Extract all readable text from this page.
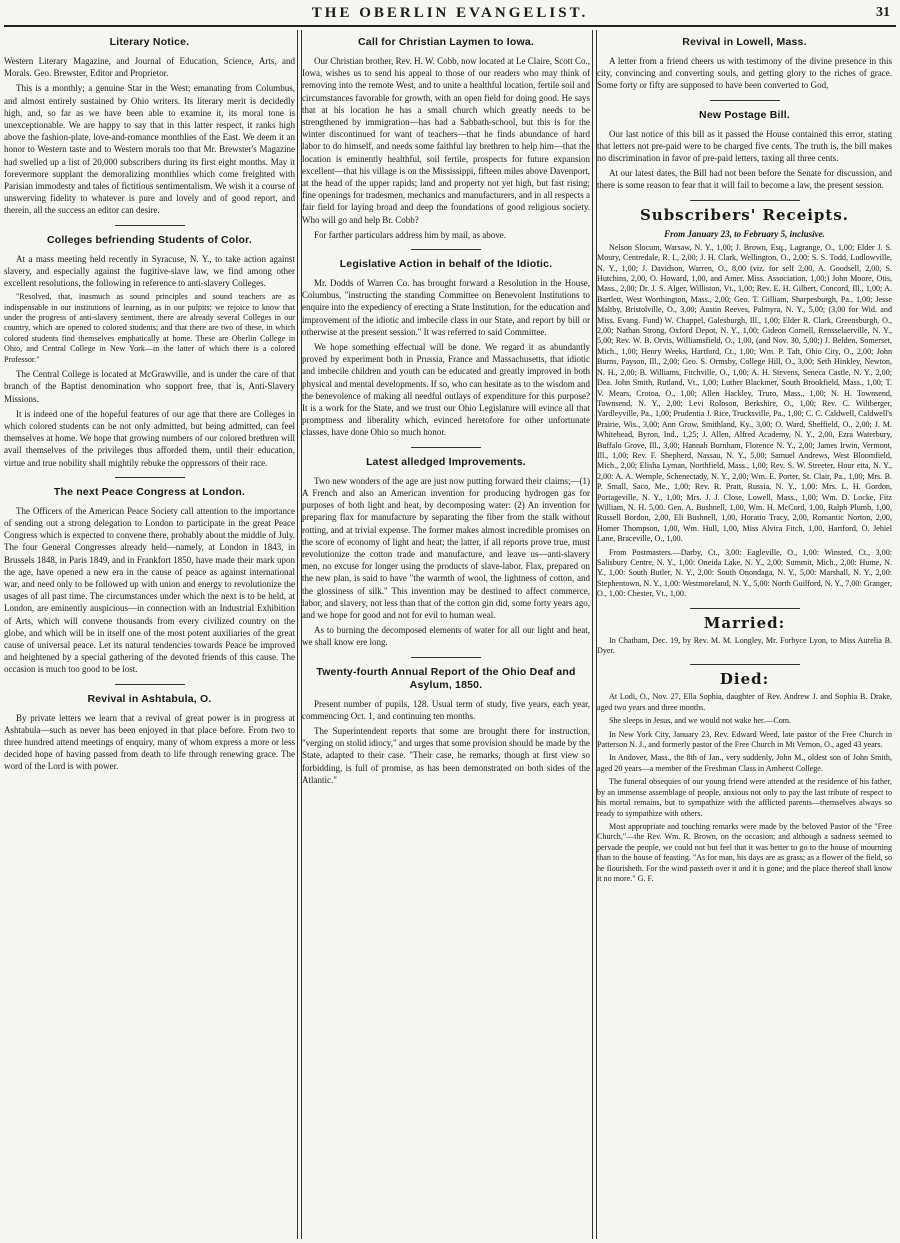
THE OBERLIN EVANGELIST.	31
Literary Notice.

Western Literary Magazine, and Journal of Education, Science, Arts, and Morals. Geo. Brewster, Editor and Proprietor.

This is a monthly; a genuine Star in the West; emanating from Columbus, and almost entirely sustained by Ohio writers. Its literary merit is decidedly high, and, so far as we have been able to examine it, its moral tone is unexceptionable. We are happy to say that in this latter respect, it ranks high above the fashion-plate, love-and-romance monthlies of the East. We deem it an honor to Western taste and to Western morals too that Mr. Brewster's Magazine had swelled up a list of 20,000 subscribers during its first eight months. May it forevermore supplant the demoralizing monthlies which come freighted with Parisian immodesty and tales of fictitious sentimentalism. We wish it a course of unswerving fidelity to whatever is pure and lovely and of good report, and therein, all the success an editor can desire.

Colleges befriending Students of Color.

At a mass meeting held recently in Syracuse, N. Y., to take action against slavery, and especially against the fugitive-slave law, we find among other excellent resolutions, the following in reference to anti-slavery Colleges.

"Resolved, that, inasmuch as sound principles and sound teachers are as indispensable in our institutions of learning, as in our pulpits; we rejoice to know that under the progress of anti-slavery sentiment, there are already several Colleges in our country, which are opened to colored students; and that there are two of these, in which colored students find themselves emphatically at home. These are Oberlin College in Ohio, and Central College in New York—in the latter of which there is a colored Professor."

The Central College is located at McGrawville, and is under the care of that branch of the Baptist denomination who support free, that is, Anti-Slavery Missions.

It is indeed one of the hopeful features of our age that there are Colleges in which colored students can be not only admitted, but being admitted, can feel themselves at home. We hope that growing numbers of our colored brethren will avail themselves of the privileges thus afforded them, until their education, virtue and true nobility shall mightily rebuke the oppressors of their race.

The next Peace Congress at London.

The Officers of the American Peace Society call attention to the importance of sending out a strong delegation to London to participate in the great Peace Congress which is expected to convene there, probably about the middle of July. The four General Congresses already held—namely, at London in 1843, in Brussels 1848, in Paris 1849, and in Frankfort 1850, have made their mark upon the age, have opened a new era in the cause of peace as against international war, and need only to be followed up with union and energy to revolutionize the usages of all past time. The circumstances under which the next is to be held, at London, are eminently auspicious—in connection with an Industrial Exhibition of Arts, which will convene thousands from every civilized country on the globe, and which will be in itself one of the most potent auxiliaries of the great cause of universal peace. Let its natural tendencies towards Peace be improved and heightened by a special gathering of the devoted friends of this cause. The occasion is much too good to be lost.

Revival in Ashtabula, O.

By private letters we learn that a revival of great power is in progress at Ashtabula—such as never has been enjoyed in that place before. From two to three hundred attend meetings of enquiry, many of whom express a more or less decided hope of having passed from death to life through renewing grace. The word of the Lord is with power.

Call for Christian Laymen to Iowa.

Our Christian brother, Rev. H. W. Cobb, now located at Le Claire, Scott Co., Iowa, wishes us to send his appeal to those of our readers who may think of removing into the remote West, and to unite a healthful location, fertile soil and circumstances favorable for growth, with an open field for doing good. He says that at his location he has a small church which greatly needs to be strengthened by immigration—has had a Sabbath-school, but this is for the winter discontinued for want of teachers—that he finds abundance of hard labor to do himself, and needs some faithful lay brethren to help him—that the location is eminently healthful, soil fertile, prospects for future expansion excellent—that his village is on the Mississippi, fifteen miles above Davenport, at the head of the upper rapids; land and property not yet high, but fast rising; fine openings for tradesmen, mechanics and manufacturers, and in all respects a fair field for laying broad and deep the foundations of good religious society. Who will go and help Br. Cobb?

For farther particulars address him by mail, as above.

Legislative Action in behalf of the Idiotic.

Mr. Dodds of Warren Co. has brought forward a Resolution in the House, Columbus, "instructing the standing Committee on Benevolent Institutions to enquire into the expediency of erecting a State Institution, for the education and improvement of the idiotic and imbecile class in our State, and report by bill or otherwise at the present session." It was referred to said Committee.

We hope something effectual will be done. We regard it as abundantly proved by experiment both in Prussia, France and Massachusetts, that idiotic and imbecile children and youth can be educated and greatly improved in both physical and mental developments. If so, who can hesitate as to the wisdom and the benevolence of making all needful outlays of expenditure for this purpose? It is a work for the State, and we trust our Ohio Legislature will evince all that promptness and liberality which, evinced heretofore for other unfortunate classes, have done Ohio so much honor.

Latest alledged Improvements.

Two new wonders of the age are just now putting forward their claims;—(1) A French and also an American invention for producing hydrogen gas for purposes of both light and heat, by decomposing water: (2) An invention for preparing flax for manufacture by separating the fiber from the stalk without rotting, and at trivial expense. The former makes almost incredible promises on the score of economy of light and heat; the latter, if all reports prove true, must revolutionize the cotton trade and manufacture, and leave us—anti-slavery men, no excuse for longer using the products of slave-labor. Flax, prepared on the new plan, is said to have "the warmth of wool, the lightness of cotton, and the glossiness of silk." This invention may be destined to affect commerce, labor, and slavery, not less than that of the cotton gin did, some forty years ago, and we hope for good and not for evil to human weal.

As to burning the decomposed elements of water for all our light and heat, we shall know ere long.

Twenty-fourth Annual Report of the Ohio Deaf and Asylum, 1850.

Present number of pupils, 128. Usual term of study, five years, each year, commencing Oct. 1, and continuing ten months.

The Superintendent reports that some are brought there for instruction, "verging on stolid idiocy," and urges that some provision should be made by the State, adapted to their case. "Their case, he remarks, though at first view so forbidding, is full of promise, as has been demonstrated on both sides of the Atlantic."

Revival in Lowell, Mass.

A letter from a friend cheers us with testimony of the divine presence in this city, convincing and converting souls, and getting glory to the riches of grace. Some forty or fifty are supposed to have been converted to God,

New Postage Bill.

Our last notice of this bill as it passed the House contained this error, stating that letters not pre-paid were to be charged five cents. The truth is, the bill makes no discrimination in favor of pre-paid letters, taxing all three cents.

At our latest dates, the Bill had not been before the Senate for discussion, and there is some reason to fear that it will fail to become a law, the present session.

Subscribers' Receipts.

From January 23, to February 5, inclusive.

Nelson Slocum, Warsaw, N. Y., 1,00; J. Brown, Esq., Lagrange, O., 1,00; Elder J. S. Moury, Centredale, R. I., 2,00; J. H. Clark, Wellington, O., 2,00; S. S. Todd, Ludlowville, N. Y., 1,00; J. Davidson, Warren, O., 8,00 (viz. for self 2,00, A. Goodsell, 2,00, S. Hutchins, 2,00, O. Howard, 1,00, and Amer. Miss. Association, 1,00;) John Moore, Otis, Mass., 2,00; Dr. J. S. Alger, Williston, Vt., 1,00; Rev. E. H. Gilbert, Concord, Ill., 1,00; A. Bartlett, West Worthington, Mass., 2,00; Geo. T. Gilliam, Sharpesburgh, Pa., 1,00; Jesse Maltby, Bristolville, O., 3,00; Austin Reeves, Palmyra, N. Y., 5,00; (3,00 for Wid. and Miss. Evang. Fund) W. Chappel, Galesburgh, Ill., 1,00; Elder R. Clark, Greensburgh, O., 2,00; Nathan Strong, Oxford Depot, N. Y., 1,00; Gideon Cornell, Rensselaerville, N. Y., 5,00; Rev. W. B. Orvis, Williamsfield, O., 1,00, (and Nov. 30, 5,00;) J. Belden, Somerset, Mich., 1,00; Henry Weeks, Hartford, Ct., 1,00; Wm. P. Taft, Ohio City, O., 2,00; John Burns, Payson, Ill., 2,00; Geo. S. Ormsby, College Hill, O., 3,00; Seth Hinkley, Newton, N. H., 2,00; B. Williams, Fitchville, O., 1,00; A. H. Stevens, Seneca Castle, N. Y., 2,00; Dea. John Smith, Rutland, Vt., 1,00; Luther Blackmer, South Brookfield, Mass., 1,00; T. V. Mears, Crotoa, O., 1,00; Allen Hackley, Truro, Mass., 1,00; N. H. Townsend, Townsend, N. Y., 2,00; Levi Roloson, Berkshire, O., 1,00; Rev. C. Wiltberger, Yardleyville, Pa., 1,00; Prudentia J. Rice, Trucksville, Pa., 1,00; C. C. Caldwell, Caldwell's Prairie, Wis., 3,00; Ann Grow, Smithland, Ky., 3,00; O. Ward, Sheffield, O., 2,00; J. M. Whitehead, Byron, Ind., 1,25; J. Allen, Alfred Academy, N. Y., 2,00, Ezra Waterbury, Buffalo Grove, Ill., 3,00; Hannah Burnham, Florence N. Y., 2,00; James Irwin, Vermont, Ill., 1,00; Rev. F. Shepherd, Nassau, N. Y., 5,00; Samuel Andrews, West Bloomfield, Mich., 2,00; Elisha Lyman, Northfield, Mass., 1,00; Rev. S. W. Streeter, Hour etta, N. Y., 2,00: A. A. Wemple, Schenectady, N. Y., 2,00; Wm. E. Porter, St. Clair, Pa., 1,00; Mrs. B. P. Small, Saco, Me., 1,00; Rev. R. Pratt, Russia, N. Y., 1,00: Mrs. L. H. Gordon, Portageville, N. Y., 1,00; Mrs. J. J. Close, Lowell, Mass., 1,00; Wm. D. Locke, Fitz William, N. H. 5,00. Gen. A. Bushnell, 1,00, Wm. H. McCord, 1,00, Ralph Plumb, 1,00, Russell Bordon, 2,00, Eli Bushnell, 1,00, Horatio Tracy, 2,00, Romantic Norton, 2,00, Homer Thompson, 1,00, Wm. Hull, 1,00, Miss Alvira Fitch, 1,00, Hartford, O. Jehiel Lane, Braceville, O., 1,00.

From Postmasters.—Darby, Ct., 3,00: Eagleville, O., 1,00: Winsted, Ct., 3,00: Salisbury Centre, N. Y., 1,00: Oneida Lake, N. Y., 2,00: Summit, Mich., 2,00: Hume, N. Y., 1,00: South Butler, N. Y., 2,00: South Onondaga, N. Y., 5,00: Marshall, N. Y., 2,00: Stephentown, N. Y., 1,00: Westmoreland, N. Y., 5,00: North Guilford, N. Y., 7,00: Granger, O., 1,00: Chester, Vt., 1,00.

Married:

In Chatham, Dec. 19, by Rev. M. M. Longley, Mr. Forbyce Lyon, to Miss Aurelia B. Dyer.

Died:

At Lodi, O., Nov. 27, Ella Sophia, daughter of Rev. Andrew J. and Sophia B. Drake, aged two years and three months.

She sleeps in Jesus, and we would not wake her.—Com.

In New York City, January 23, Rev. Edward Weed, late pastor of the Free Church in Patterson N. J., and formerly pastor of the Free Church in Mt Vernon, O., aged 43 years.

In Andover, Mass., the 8th of Jan., very suddenly, John M., oldest son of John Smith, aged 20 years—a member of the Freshman Class in Amherst College.

The funeral obsequies of our young friend were attended at the residence of his father, by an immense assemblage of people, anxious not only to pay the last tribute of respect to his mortal remains, but to sympathize with the afflicted parents—themselves always so ready to sympathize with others.

Most appropriate and touching remarks were made by the beloved Pastor of the "Free Church,"—the Rev. Wm. R. Brown, on the occasion; and although a sadness seemed to pervade the people, we could not but feel that it was better to go to the house of mourning than to the house of feasting. "As for man, his days are as grass; as a flower of the field, so he flourisheth. For the wind passeth over it and it is gone; and the place thereof shall know it no more." G. F.
